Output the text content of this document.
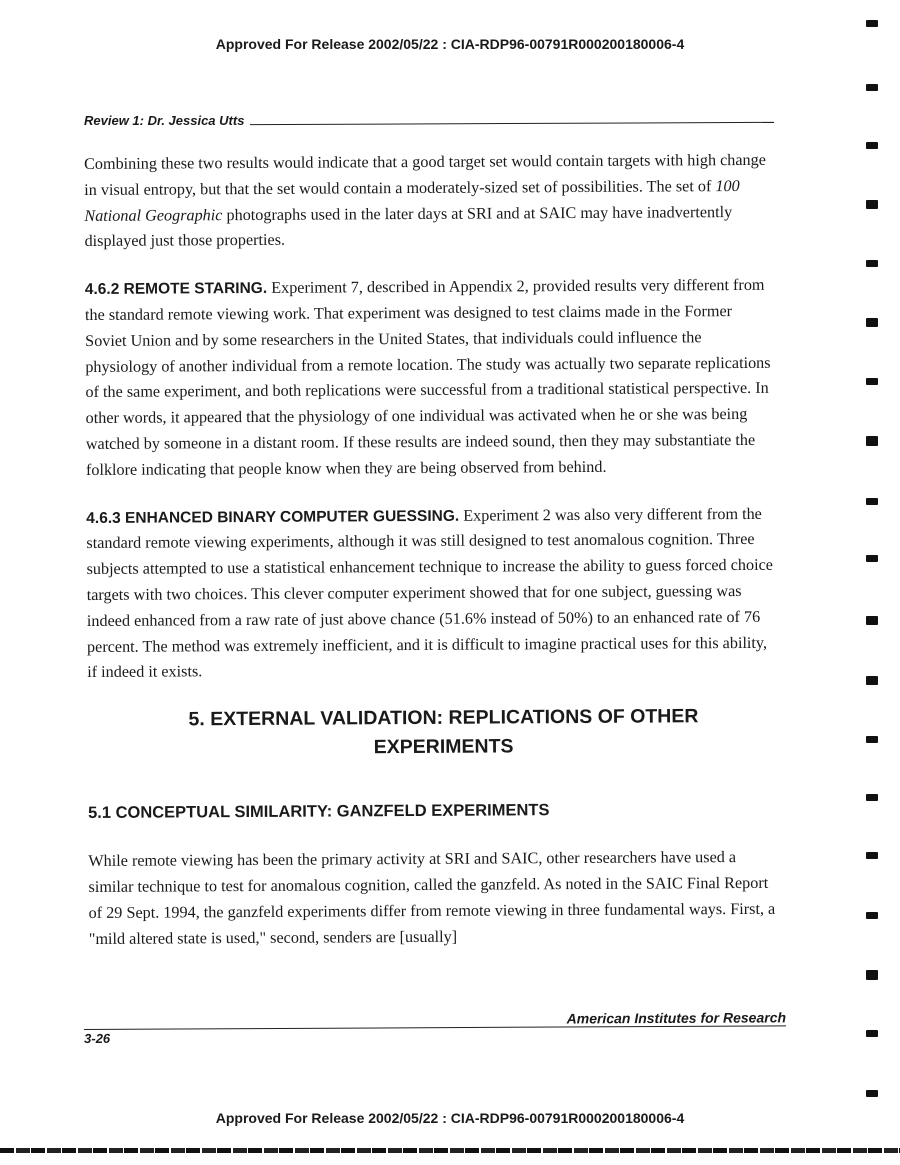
Approved For Release 2002/05/22 : CIA-RDP96-00791R000200180006-4
Review 1: Dr. Jessica Utts

Combining these two results would indicate that a good target set would contain targets with high change in visual entropy, but that the set would contain a moderately-sized set of possibilities. The set of 100 National Geographic photographs used in the later days at SRI and at SAIC may have inadvertently displayed just those properties.

4.6.2 REMOTE STARING. Experiment 7, described in Appendix 2, provided results very different from the standard remote viewing work. That experiment was designed to test claims made in the Former Soviet Union and by some researchers in the United States, that individuals could influence the physiology of another individual from a remote location. The study was actually two separate replications of the same experiment, and both replications were successful from a traditional statistical perspective. In other words, it appeared that the physiology of one individual was activated when he or she was being watched by someone in a distant room. If these results are indeed sound, then they may substantiate the folklore indicating that people know when they are being observed from behind.

4.6.3 ENHANCED BINARY COMPUTER GUESSING. Experiment 2 was also very different from the standard remote viewing experiments, although it was still designed to test anomalous cognition. Three subjects attempted to use a statistical enhancement technique to increase the ability to guess forced choice targets with two choices. This clever computer experiment showed that for one subject, guessing was indeed enhanced from a raw rate of just above chance (51.6% instead of 50%) to an enhanced rate of 76 percent. The method was extremely inefficient, and it is difficult to imagine practical uses for this ability, if indeed it exists.

5. EXTERNAL VALIDATION: REPLICATIONS OF OTHER
EXPERIMENTS
5.1 CONCEPTUAL SIMILARITY: GANZFELD EXPERIMENTS

While remote viewing has been the primary activity at SRI and SAIC, other researchers have used a similar technique to test for anomalous cognition, called the ganzfeld. As noted in the SAIC Final Report of 29 Sept. 1994, the ganzfeld experiments differ from remote viewing in three fundamental ways. First, a "mild altered state is used," second, senders are [usually]

American Institutes for Research
3-26
Approved For Release 2002/05/22 : CIA-RDP96-00791R000200180006-4
